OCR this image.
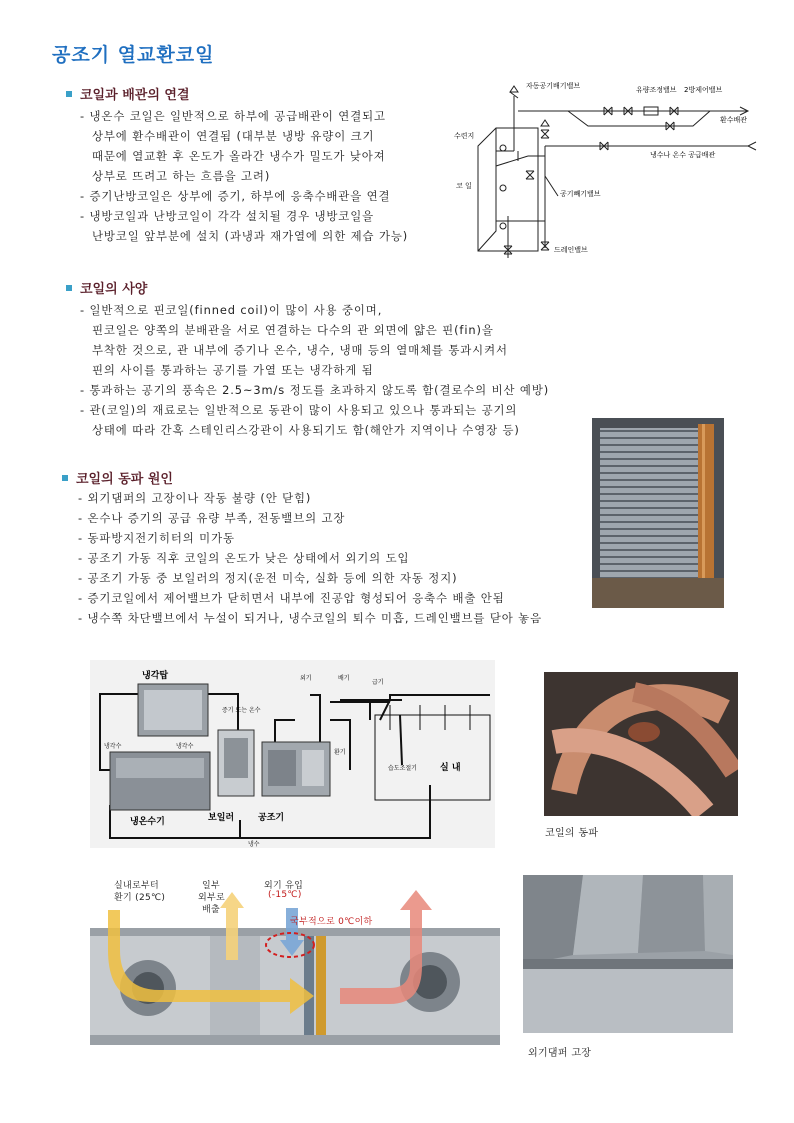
공조기 열교환코일
코일과 배관의 연결
- 냉온수 코일은 일반적으로 하부에 공급배관이 연결되고
상부에 환수배관이 연결됨 (대부분 냉방 유량이 크기
때문에 열교환 후 온도가 올라간 냉수가 밀도가 낮아져
상부로 뜨려고 하는 흐름을 고려)
- 증기난방코일은 상부에 증기, 하부에 응축수배관을 연결
- 냉방코일과 난방코일이 각각 설치될 경우 냉방코일을
난방코일 앞부분에 설치 (과냉과 재가열에 의한 제습 가능)
자동공기배기밸브
수련지
유량조정밸브 2방제어밸브
환수배관
냉수나 온수 공급배관
코 일
공기빼기밸브
드레인밸브
코일의 사양
- 일반적으로 핀코일(finned coil)이 많이 사용 중이며,
핀코일은 양쪽의 분배관을 서로 연결하는 다수의 관 외면에 얇은 핀(fin)을
부착한 것으로, 관 내부에 증기나 온수, 냉수, 냉매 등의 열매체를 통과시켜서
핀의 사이를 통과하는 공기를 가열 또는 냉각하게 됨
- 통과하는 공기의 풍속은 2.5~3m/s 정도를 초과하지 않도록 함(결로수의 비산 예방)
- 관(코일)의 재료로는 일반적으로 동관이 많이 사용되고 있으나 통과되는 공기의
상태에 따라 간혹 스테인리스강관이 사용되기도 함(해안가 지역이나 수영장 등)
코일의 동파 원인
- 외기댐퍼의 고장이나 작동 불량 (안 닫힘)
- 온수나 증기의 공급 유량 부족, 전동밸브의 고장
- 동파방지전기히터의 미가동
- 공조기 가동 직후 코일의 온도가 낮은 상태에서 외기의 도입
- 공조기 가동 중 보일러의 정지(운전 미숙, 실화 등에 의한 자동 정지)
- 증기코일에서 제어밸브가 닫히면서 내부에 진공압 형성되어 응축수 배출 안됨
- 냉수쪽 차단밸브에서 누설이 되거나, 냉수코일의 퇴수 미흡, 드레인밸브를 닫아 놓음
냉각탑
냉각수	냉각수
냉온수기
증기 또는 온수
외기	배기
급기
환기
습도조절기	실 내
보일러	공조기
냉수
코일의 동파
실내로부터
환기 (25℃)
일부
외부로
배출
외기 유입
(-15℃)
국부적으로 0℃이하
외기댐퍼 고장
